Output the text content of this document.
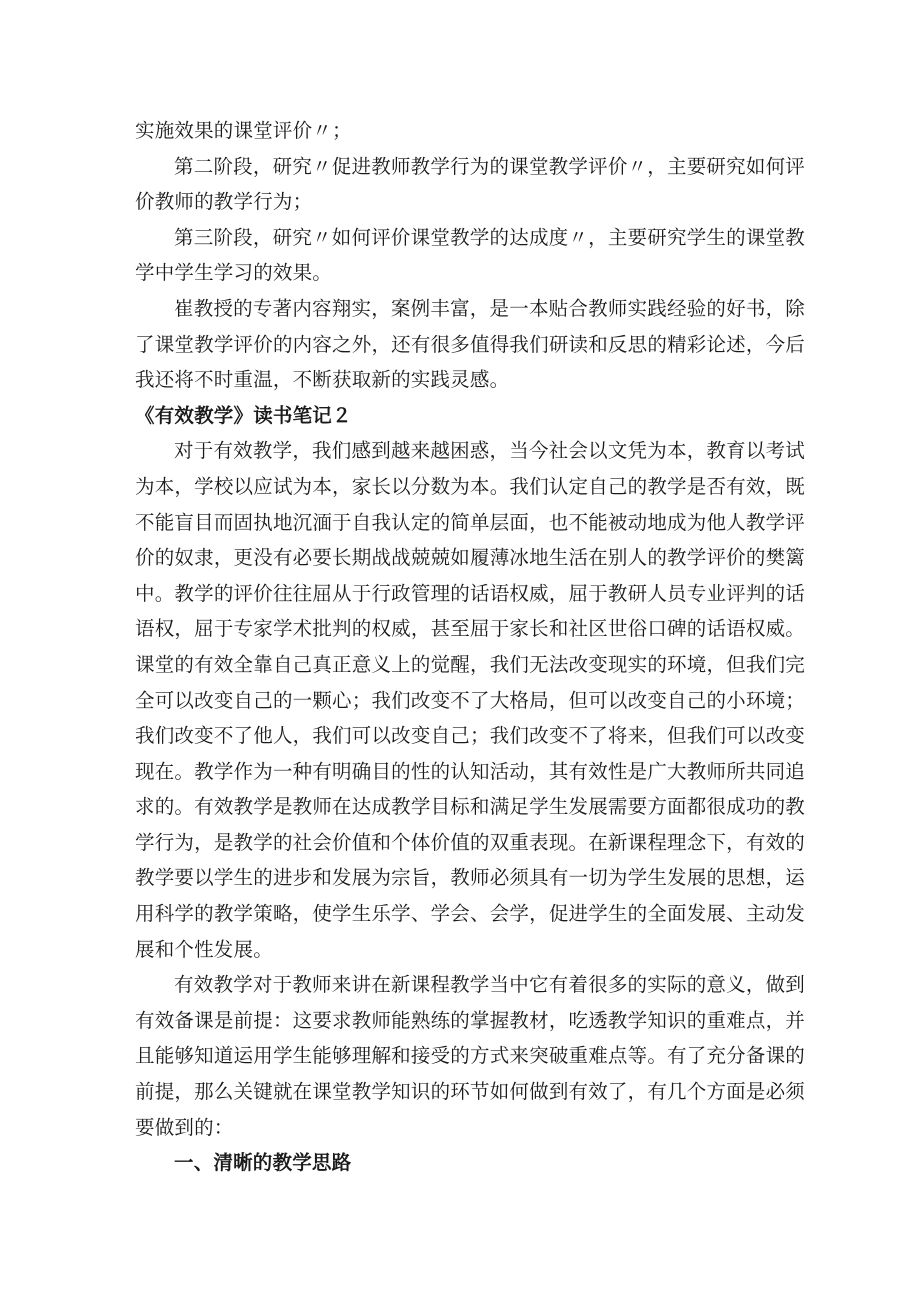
实施效果的课堂评价〃；

第二阶段，研究〃促进教师教学行为的课堂教学评价〃，主要研究如何评价教师的教学行为；

第三阶段，研究〃如何评价课堂教学的达成度〃，主要研究学生的课堂教学中学生学习的效果。

崔教授的专著内容翔实，案例丰富，是一本贴合教师实践经验的好书，除了课堂教学评价的内容之外，还有很多值得我们研读和反思的精彩论述，今后我还将不时重温，不断获取新的实践灵感。

《有效教学》读书笔记２

对于有效教学，我们感到越来越困惑，当今社会以文凭为本，教育以考试为本，学校以应试为本，家长以分数为本。我们认定自己的教学是否有效，既不能盲目而固执地沉湎于自我认定的简单层面，也不能被动地成为他人教学评价的奴隶，更没有必要长期战战兢兢如履薄冰地生活在别人的教学评价的樊篱中。教学的评价往往屈从于行政管理的话语权威，屈于教研人员专业评判的话语权，屈于专家学术批判的权威，甚至屈于家长和社区世俗口碑的话语权威。课堂的有效全靠自己真正意义上的觉醒，我们无法改变现实的环境，但我们完全可以改变自己的一颗心；我们改变不了大格局，但可以改变自己的小环境；我们改变不了他人，我们可以改变自己；我们改变不了将来，但我们可以改变现在。教学作为一种有明确目的性的认知活动，其有效性是广大教师所共同追求的。有效教学是教师在达成教学目标和满足学生发展需要方面都很成功的教学行为，是教学的社会价值和个体价值的双重表现。在新课程理念下，有效的教学要以学生的进步和发展为宗旨，教师必须具有一切为学生发展的思想，运用科学的教学策略，使学生乐学、学会、会学，促进学生的全面发展、主动发展和个性发展。

有效教学对于教师来讲在新课程教学当中它有着很多的实际的意义，做到有效备课是前提：这要求教师能熟练的掌握教材，吃透教学知识的重难点，并且能够知道运用学生能够理解和接受的方式来突破重难点等。有了充分备课的前提，那么关键就在课堂教学知识的环节如何做到有效了，有几个方面是必须要做到的：

一、清晰的教学思路
